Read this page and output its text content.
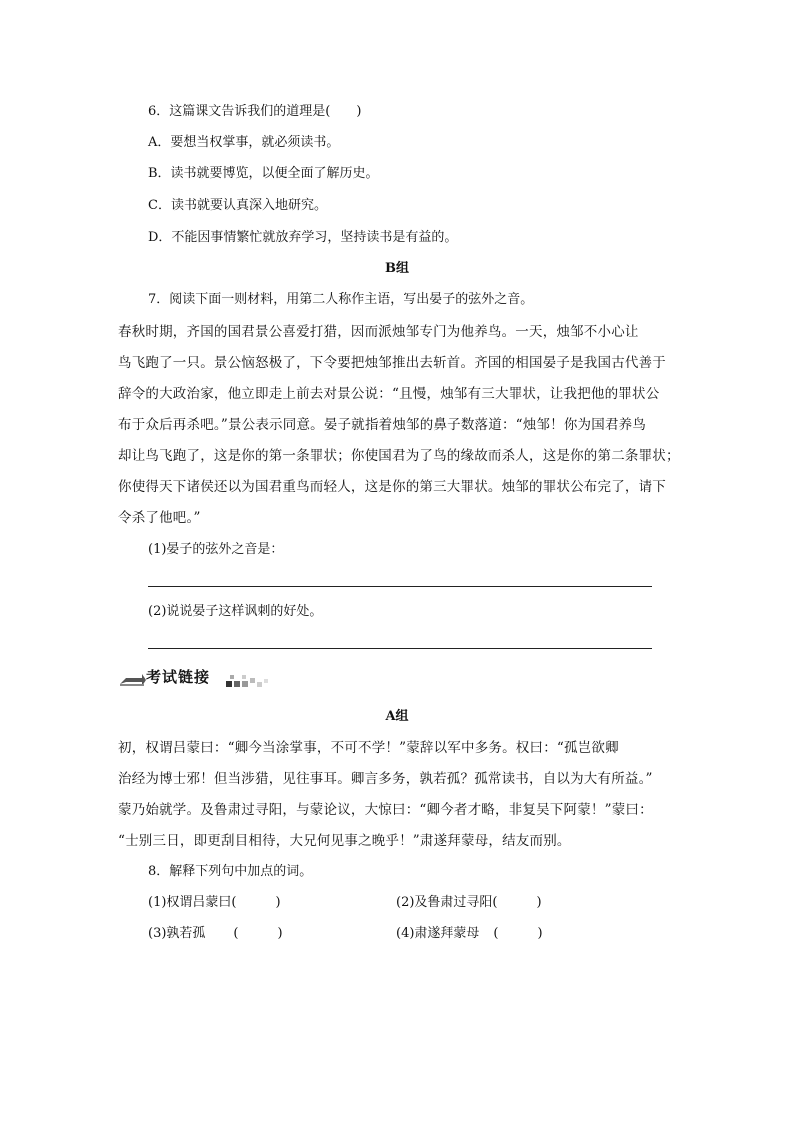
6．这篇课文告诉我们的道理是(　　)
A．要想当权掌事，就必须读书。
B．读书就要博览，以便全面了解历史。
C．读书就要认真深入地研究。
D．不能因事情繁忙就放弃学习，坚持读书是有益的。
B组
7．阅读下面一则材料，用第二人称作主语，写出晏子的弦外之音。
春秋时期，齐国的国君景公喜爱打猎，因而派烛邹专门为他养鸟。一天，烛邹不小心让
鸟飞跑了一只。景公恼怒极了，下令要把烛邹推出去斩首。齐国的相国晏子是我国古代善于
辞令的大政治家，他立即走上前去对景公说：“且慢，烛邹有三大罪状，让我把他的罪状公
布于众后再杀吧。”景公表示同意。晏子就指着烛邹的鼻子数落道：“烛邹！你为国君养鸟
却让鸟飞跑了，这是你的第一条罪状；你使国君为了鸟的缘故而杀人，这是你的第二条罪状；
你使得天下诸侯还以为国君重鸟而轻人，这是你的第三大罪状。烛邹的罪状公布完了，请下
令杀了他吧。”
(1)晏子的弦外之音是：
(2)说说晏子这样讽刺的好处。
考试链接
A组
初，权谓吕蒙曰：“卿今当涂掌事，不可不学！”蒙辞以军中多务。权曰：“孤岂欲卿
治经为博士邪！但当涉猎，见往事耳。卿言多务，孰若孤？孤常读书，自以为大有所益。”
蒙乃始就学。及鲁肃过寻阳，与蒙论议，大惊曰：“卿今者才略，非复吴下阿蒙！”蒙曰：
“士别三日，即更刮目相待，大兄何见事之晚乎！”肃遂拜蒙母，结友而别。
8．解释下列句中加点的词。
(1)权谓吕蒙曰(　　　)	(2)及鲁肃过寻阳(　　　)
(3)孰若孤 (　　　)	(4)肃遂拜蒙母 (　　　)
